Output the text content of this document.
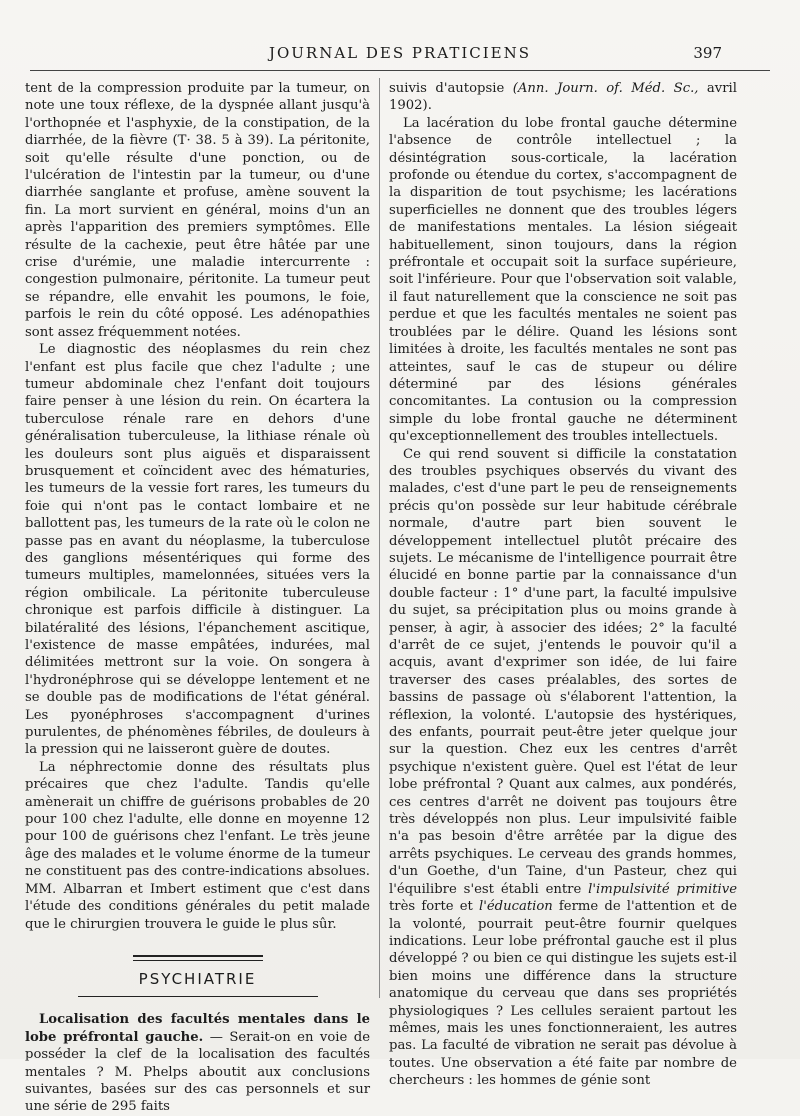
JOURNAL DES PRATICIENS	397

tent de la compression produite par la tumeur, on note une toux réflexe, de la dyspnée allant jusqu'à l'orthopnée et l'asphyxie, de la constipation, de la diarrhée, de la fièvre (T· 38. 5 à 39). La péritonite, soit qu'elle résulte d'une ponction, ou de l'ulcération de l'intestin par la tumeur, ou d'une diarrhée sanglante et profuse, amène souvent la fin. La mort survient en général, moins d'un an après l'apparition des premiers symptômes. Elle résulte de la cachexie, peut être hâtée par une crise d'urémie, une maladie intercurrente : congestion pulmonaire, péritonite. La tumeur peut se répandre, elle envahit les poumons, le foie, parfois le rein du côté opposé. Les adénopathies sont assez fréquemment notées.

Le diagnostic des néoplasmes du rein chez l'enfant est plus facile que chez l'adulte ; une tumeur abdominale chez l'enfant doit toujours faire penser à une lésion du rein. On écartera la tuberculose rénale rare en dehors d'une généralisation tuberculeuse, la lithiase rénale où les douleurs sont plus aiguës et disparaissent brusquement et coïncident avec des hématuries, les tumeurs de la vessie fort rares, les tumeurs du foie qui n'ont pas le contact lombaire et ne ballottent pas, les tumeurs de la rate où le colon ne passe pas en avant du néoplasme, la tuberculose des ganglions mésentériques qui forme des tumeurs multiples, mamelonnées, situées vers la région ombilicale. La péritonite tuberculeuse chronique est parfois difficile à distinguer. La bilatéralité des lésions, l'épanchement ascitique, l'existence de masse empâtées, indurées, mal délimitées mettront sur la voie. On songera à l'hydronéphrose qui se développe lentement et ne se double pas de modifications de l'état général. Les pyonéphroses s'accompagnent d'urines purulentes, de phénomènes fébriles, de douleurs à la pression qui ne laisseront guère de doutes.

La néphrectomie donne des résultats plus précaires que chez l'adulte. Tandis qu'elle amènerait un chiffre de guérisons probables de 20 pour 100 chez l'adulte, elle donne en moyenne 12 pour 100 de guérisons chez l'enfant. Le très jeune âge des malades et le volume énorme de la tumeur ne constituent pas des contre-indications absolues. MM. Albarran et Imbert estiment que c'est dans l'étude des conditions générales du petit malade que le chirurgien trouvera le guide le plus sûr.

PSYCHIATRIE

Localisation des facultés mentales dans le lobe préfrontal gauche. — Serait-on en voie de posséder la clef de la localisation des facultés mentales ? M. Phelps aboutit aux conclusions suivantes, basées sur des cas personnels et sur une série de 295 faits

suivis d'autopsie (Ann. Journ. of. Méd. Sc., avril 1902).

La lacération du lobe frontal gauche détermine l'absence de contrôle intellectuel ; la désintégration sous-corticale, la lacération profonde ou étendue du cortex, s'accompagnent de la disparition de tout psychisme; les lacérations superficielles ne donnent que des troubles légers de manifestations mentales. La lésion siégeait habituellement, sinon toujours, dans la région préfrontale et occupait soit la surface supérieure, soit l'inférieure. Pour que l'observation soit valable, il faut naturellement que la conscience ne soit pas perdue et que les facultés mentales ne soient pas troublées par le délire. Quand les lésions sont limitées à droite, les facultés mentales ne sont pas atteintes, sauf le cas de stupeur ou délire déterminé par des lésions générales concomitantes. La contusion ou la compression simple du lobe frontal gauche ne déterminent qu'exceptionnellement des troubles intellectuels.

Ce qui rend souvent si difficile la constatation des troubles psychiques observés du vivant des malades, c'est d'une part le peu de renseignements précis qu'on possède sur leur habitude cérébrale normale, d'autre part bien souvent le développement intellectuel plutôt précaire des sujets. Le mécanisme de l'intelligence pourrait être élucidé en bonne partie par la connaissance d'un double facteur : 1° d'une part, la faculté impulsive du sujet, sa précipitation plus ou moins grande à penser, à agir, à associer des idées; 2° la faculté d'arrêt de ce sujet, j'entends le pouvoir qu'il a acquis, avant d'exprimer son idée, de lui faire traverser des cases préalables, des sortes de bassins de passage où s'élaborent l'attention, la réflexion, la volonté. L'autopsie des hystériques, des enfants, pourrait peut-être jeter quelque jour sur la question. Chez eux les centres d'arrêt psychique n'existent guère. Quel est l'état de leur lobe préfrontal ? Quant aux calmes, aux pondérés, ces centres d'arrêt ne doivent pas toujours être très développés non plus. Leur impulsivité faible n'a pas besoin d'être arrêtée par la digue des arrêts psychiques. Le cerveau des grands hommes, d'un Goethe, d'un Taine, d'un Pasteur, chez qui l'équilibre s'est établi entre l'impulsivité primitive très forte et l'éducation ferme de l'attention et de la volonté, pourrait peut-être fournir quelques indications. Leur lobe préfrontal gauche est il plus développé ? ou bien ce qui distingue les sujets est-il bien moins une différence dans la structure anatomique du cerveau que dans ses propriétés physiologiques ? Les cellules seraient partout les mêmes, mais les unes fonctionneraient, les autres pas. La faculté de vibration ne serait pas dévolue à toutes. Une observation a été faite par nombre de chercheurs : les hommes de génie sont
